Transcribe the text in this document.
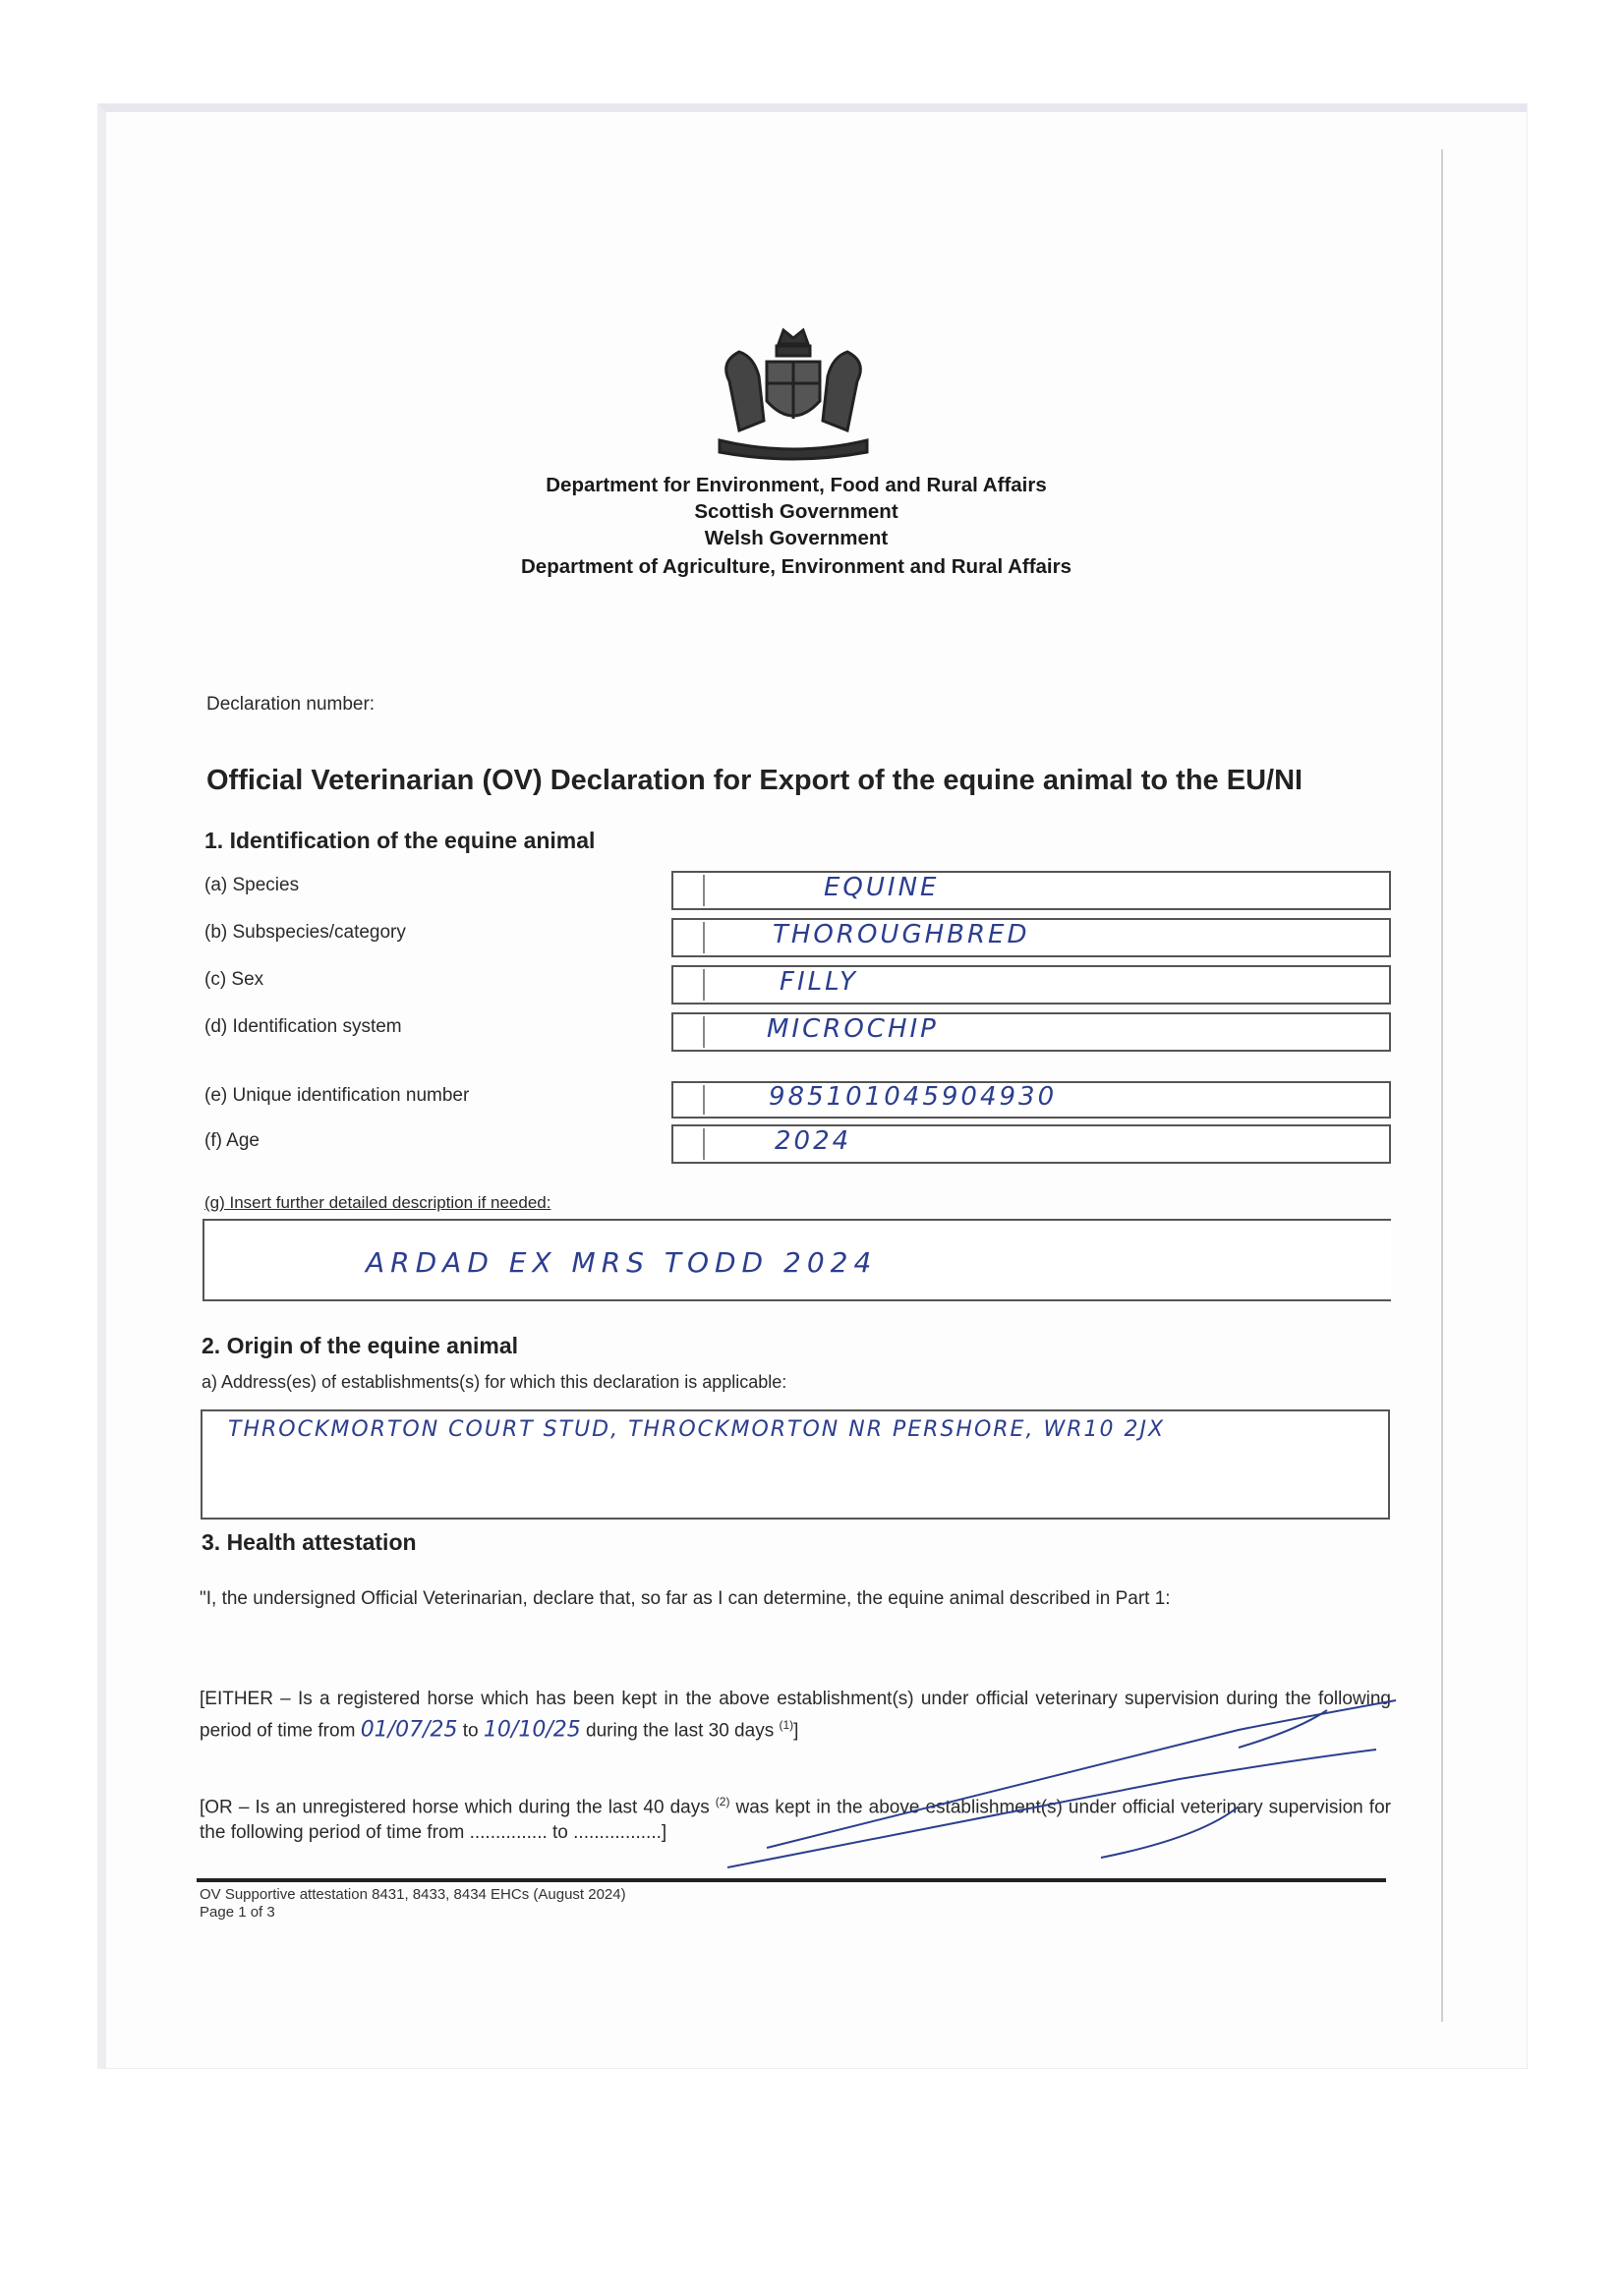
Department for Environment, Food and Rural Affairs
Scottish Government
Welsh Government
Department of Agriculture, Environment and Rural Affairs
Declaration number:
Official Veterinarian (OV) Declaration for Export of the equine animal to the EU/NI
1. Identification of the equine animal
(a) Species	EQUINE
(b) Subspecies/category	THOROUGHBRED
(c) Sex	FILLY
(d) Identification system	MICROCHIP
(e) Unique identification number	985101045904930
(f) Age	2024
(g) Insert further detailed description if needed:
ARDAD EX MRS TODD 2024
2. Origin of the equine animal
a) Address(es) of establishments(s) for which this declaration is applicable:
THROCKMORTON COURT STUD, THROCKMORTON NR PERSHORE, WR10 2JX
3. Health attestation
"I, the undersigned Official Veterinarian, declare that, so far as I can determine, the equine animal described in Part 1:
[EITHER – Is a registered horse which has been kept in the above establishment(s) under official veterinary supervision during the following period of time from 01/07/25 to 10/10/25 during the last 30 days $^{(1)}$]
[OR – Is an unregistered horse which during the last 40 days $^{(2)}$ was kept in the above establishment(s) under official veterinary supervision for the following period of time from ............... to .................]
OV Supportive attestation 8431, 8433, 8434 EHCs (August 2024)
Page 1 of 3
